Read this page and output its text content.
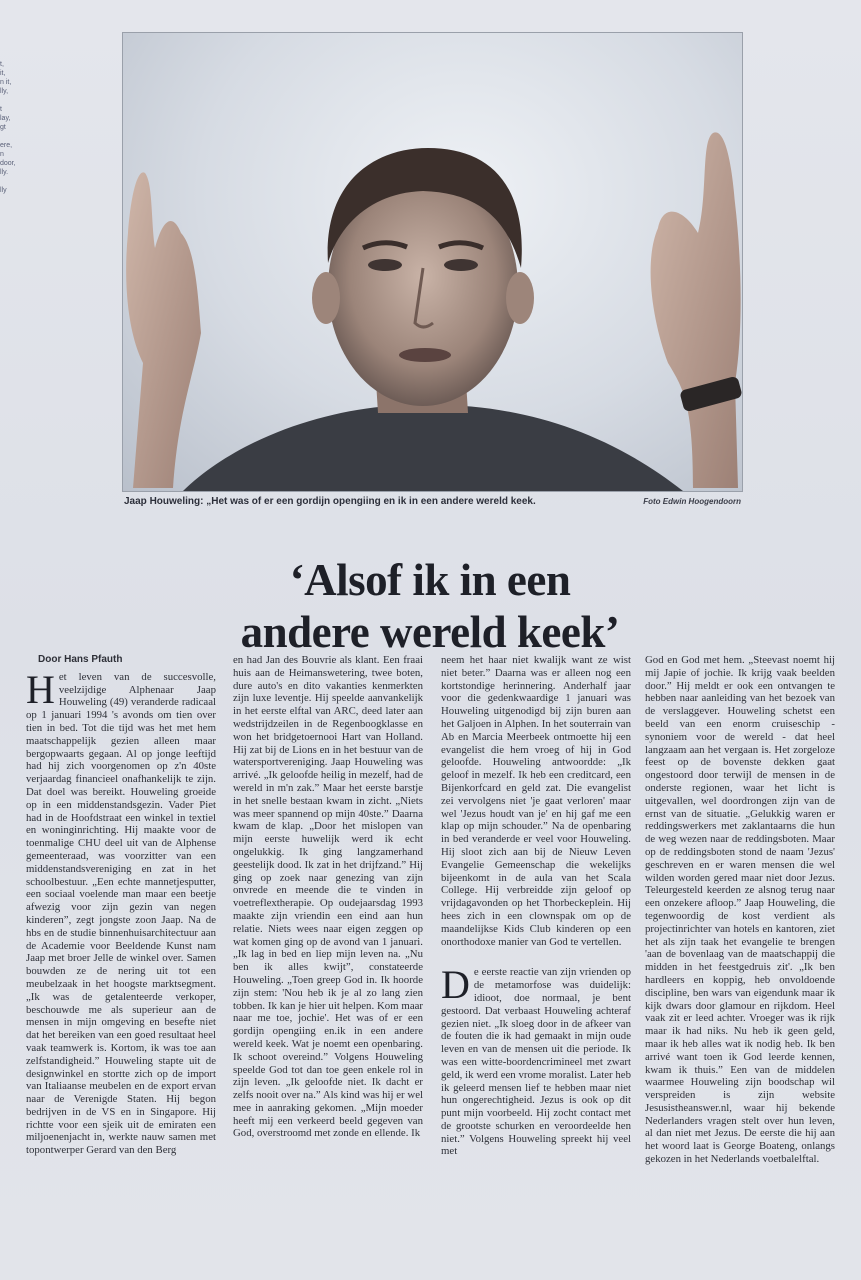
t,
it,
n it,
lly,

t
lay,
gt

ere,
n
door,
lly.

lly
Jaap Houweling: „Het was of er een gordijn opengiing en ik in een andere wereld keek.	Foto Edwin Hoogendoorn
‘Alsof ik in een
andere wereld keek’
Door Hans Pfauth
H et leven van de succesvolle, veelzijdige Alphenaar Jaap Houweling (49) veranderde radicaal op 1 januari 1994 's avonds om tien over tien in bed. Tot die tijd was het met hem maatschappelijk gezien alleen maar bergopwaarts gegaan. Al op jonge leeftijd had hij zich voorgenomen op z'n 40ste verjaardag financieel onafhankelijk te zijn. Dat doel was bereikt. Houweling groeide op in een middenstandsgezin. Vader Piet had in de Hoofdstraat een winkel in textiel en woninginrichting. Hij maakte voor de toenmalige CHU deel uit van de Alphense gemeenteraad, was voorzitter van een middenstandsvereniging en zat in het schoolbestuur. „Een echte mannetjesputter, een sociaal voelende man maar een beetje afwezig voor zijn gezin van negen kinderen”, zegt jongste zoon Jaap. Na de hbs en de studie binnenhuisarchitectuur aan de Academie voor Beeldende Kunst nam Jaap met broer Jelle de winkel over. Samen bouwden ze de nering uit tot een meubelzaak in het hoogste marktsegment. „Ik was de getalenteerde verkoper, beschouwde me als superieur aan de mensen in mijn omgeving en besefte niet dat het bereiken van een goed resultaat heel vaak teamwerk is. Kortom, ik was toe aan zelfstandigheid.” Houweling stapte uit de designwinkel en stortte zich op de import van Italiaanse meubelen en de export ervan naar de Verenigde Staten. Hij begon bedrijven in de VS en in Singapore. Hij richtte voor een sjeik uit de emiraten een miljoenenjacht in, werkte nauw samen met topontwerper Gerard van den Berg

en had Jan des Bouvrie als klant. Een fraai huis aan de Heimanswetering, twee boten, dure auto's en dito vakanties kenmerkten zijn luxe leventje. Hij speelde aanvankelijk in het eerste elftal van ARC, deed later aan wedstrijdzeilen in de Regenboogklasse en won het bridgetoernooi Hart van Holland. Hij zat bij de Lions en in het bestuur van de watersportvereniging. Jaap Houweling was arrivé. „Ik geloofde heilig in mezelf, had de wereld in m'n zak.” Maar het eerste barstje in het snelle bestaan kwam in zicht. „Niets was meer spannend op mijn 40ste.” Daarna kwam de klap. „Door het mislopen van mijn eerste huwelijk werd ik echt ongelukkig. Ik ging langzamerhand geestelijk dood. Ik zat in het drijfzand.” Hij ging op zoek naar genezing van zijn onvrede en meende die te vinden in voetreflextherapie. Op oudejaarsdag 1993 maakte zijn vriendin een eind aan hun relatie. Niets wees naar eigen zeggen op wat komen ging op de avond van 1 januari. „Ik lag in bed en liep mijn leven na. „Nu ben ik alles kwijt”, constateerde Houweling. „Toen greep God in. Ik hoorde zijn stem: 'Nou heb ik je al zo lang zien tobben. Ik kan je hier uit helpen. Kom maar naar me toe, jochie'. Het was of er een gordijn opengiing en.ik in een andere wereld keek. Wat je noemt een openbaring. Ik schoot overeind.” Volgens Houweling speelde God tot dan toe geen enkele rol in zijn leven. „Ik geloofde niet. Ik dacht er zelfs nooit over na.” Als kind was hij er wel mee in aanraking gekomen. „Mijn moeder heeft mij een verkeerd beeld gegeven van God, overstroomd met zonde en ellende. Ik

neem het haar niet kwalijk want ze wist niet beter.” Daarna was er alleen nog een kortstondige herinnering. Anderhalf jaar voor die gedenkwaardige 1 januari was Houweling uitgenodigd bij zijn buren aan het Galjoen in Alphen. In het souterrain van Ab en Marcia Meerbeek ontmoette hij een evangelist die hem vroeg of hij in God geloofde. Houweling antwoordde: „Ik geloof in mezelf. Ik heb een creditcard, een Bijenkorfcard en geld zat. Die evangelist zei vervolgens niet 'je gaat verloren' maar wel 'Jezus houdt van je' en hij gaf me een klap op mijn schouder.” Na de openbaring in bed veranderde er veel voor Houweling. Hij sloot zich aan bij de Nieuw Leven Evangelie Gemeenschap die wekelijks bijeenkomt in de aula van het Scala College. Hij verbreidde zijn geloof op vrijdagavonden op het Thorbeckeplein. Hij hees zich in een clownspak om op de maandelijkse Kids Club kinderen op een onorthodoxe manier van God te vertellen.

D e eerste reactie van zijn vrienden op de metamorfose was duidelijk: idioot, doe normaal, je bent gestoord. Dat verbaast Houweling achteraf gezien niet. „Ik sloeg door in de afkeer van de fouten die ik had gemaakt in mijn oude leven en van de mensen uit die periode. Ik was een witte-boordencrimineel met zwart geld, ik werd een vrome moralist. Later heb ik geleerd mensen lief te hebben maar niet hun ongerechtigheid. Jezus is ook op dit punt mijn voorbeeld. Hij zocht contact met de grootste schurken en veroordeelde hen niet.” Volgens Houweling spreekt hij veel met

God en God met hem. „Steevast noemt hij mij Japie of jochie. Ik krijg vaak beelden door.” Hij meldt er ook een ontvangen te hebben naar aanleiding van het bezoek van de verslaggever. Houweling schetst een beeld van een enorm cruiseschip - synoniem voor de wereld - dat heel langzaam aan het vergaan is. Het zorgeloze feest op de bovenste dekken gaat ongestoord door terwijl de mensen in de onderste regionen, waar het licht is uitgevallen, wel doordrongen zijn van de ernst van de situatie. „Gelukkig waren er reddingswerkers met zaklantaarns die hun de weg wezen naar de reddingsboten. Maar op de reddingsboten stond de naam 'Jezus' geschreven en er waren mensen die wel wilden worden gered maar niet door Jezus. Teleurgesteld keerden ze alsnog terug naar een onzekere afloop.” Jaap Houweling, die tegenwoordig de kost verdient als projectinrichter van hotels en kantoren, ziet het als zijn taak het evangelie te brengen 'aan de bovenlaag van de maatschappij die midden in het feestgedruis zit'. „Ik ben hardleers en koppig, heb onvoldoende discipline, ben wars van eigendunk maar ik kijk dwars door glamour en rijkdom. Heel vaak zit er leed achter. Vroeger was ik rijk maar ik had niks. Nu heb ik geen geld, maar ik heb alles wat ik nodig heb. Ik ben arrivé want toen ik God leerde kennen, kwam ik thuis.” Een van de middelen waarmee Houweling zijn boodschap wil verspreiden is zijn website Jesusistheanswer.nl, waar hij bekende Nederlanders vragen stelt over hun leven, al dan niet met Jezus. De eerste die hij aan het woord laat is George Boateng, onlangs gekozen in het Nederlands voetbalelftal.
